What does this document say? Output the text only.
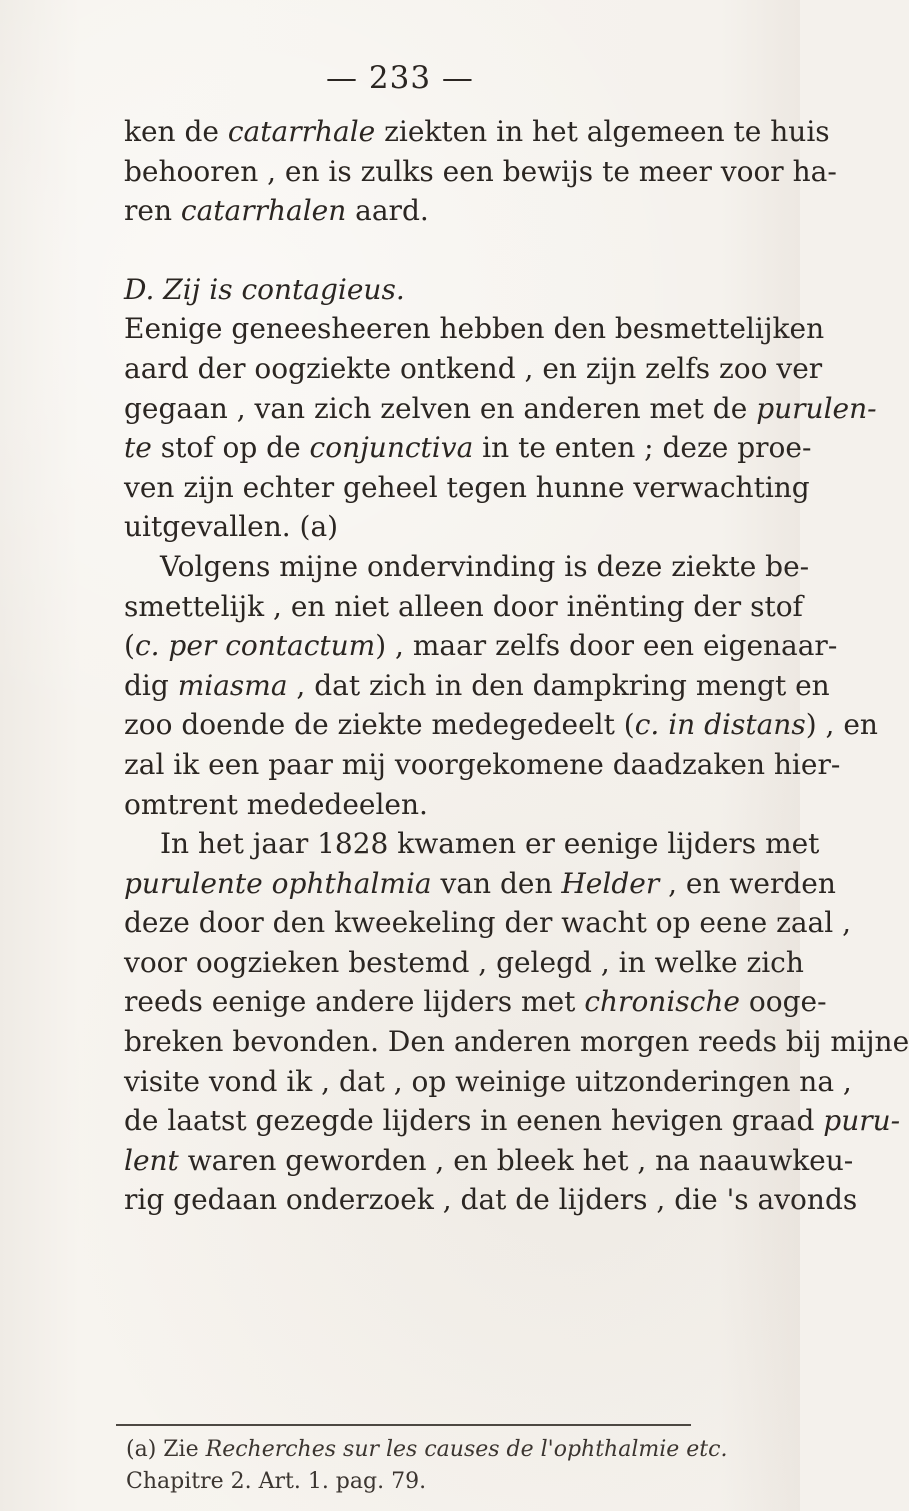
— 233 —
ken de catarrhale ziekten in het algemeen te huis
behooren , en is zulks een bewijs te meer voor ha-
ren catarrhalen aard.
D. Zij is contagieus.
Eenige geneesheeren hebben den besmettelijken
aard der oogziekte ontkend , en zijn zelfs zoo ver
gegaan , van zich zelven en anderen met de purulen-
te stof op de conjunctiva in te enten ; deze proe-
ven zijn echter geheel tegen hunne verwachting
uitgevallen. (a)
Volgens mijne ondervinding is deze ziekte be-
smettelijk , en niet alleen door inënting der stof
(c. per contactum) , maar zelfs door een eigenaar-
dig miasma , dat zich in den dampkring mengt en
zoo doende de ziekte medegedeelt (c. in distans) , en
zal ik een paar mij voorgekomene daadzaken hier-
omtrent mededeelen.
In het jaar 1828 kwamen er eenige lijders met
purulente ophthalmia van den Helder , en werden
deze door den kweekeling der wacht op eene zaal ,
voor oogzieken bestemd , gelegd , in welke zich
reeds eenige andere lijders met chronische ooge-
breken bevonden. Den anderen morgen reeds bij mijne
visite vond ik , dat , op weinige uitzonderingen na ,
de laatst gezegde lijders in eenen hevigen graad puru-
lent waren geworden , en bleek het , na naauwkeu-
rig gedaan onderzoek , dat de lijders , die 's avonds
(a) Zie Recherches sur les causes de l'ophthalmie etc.
Chapitre 2. Art. 1. pag. 79.
